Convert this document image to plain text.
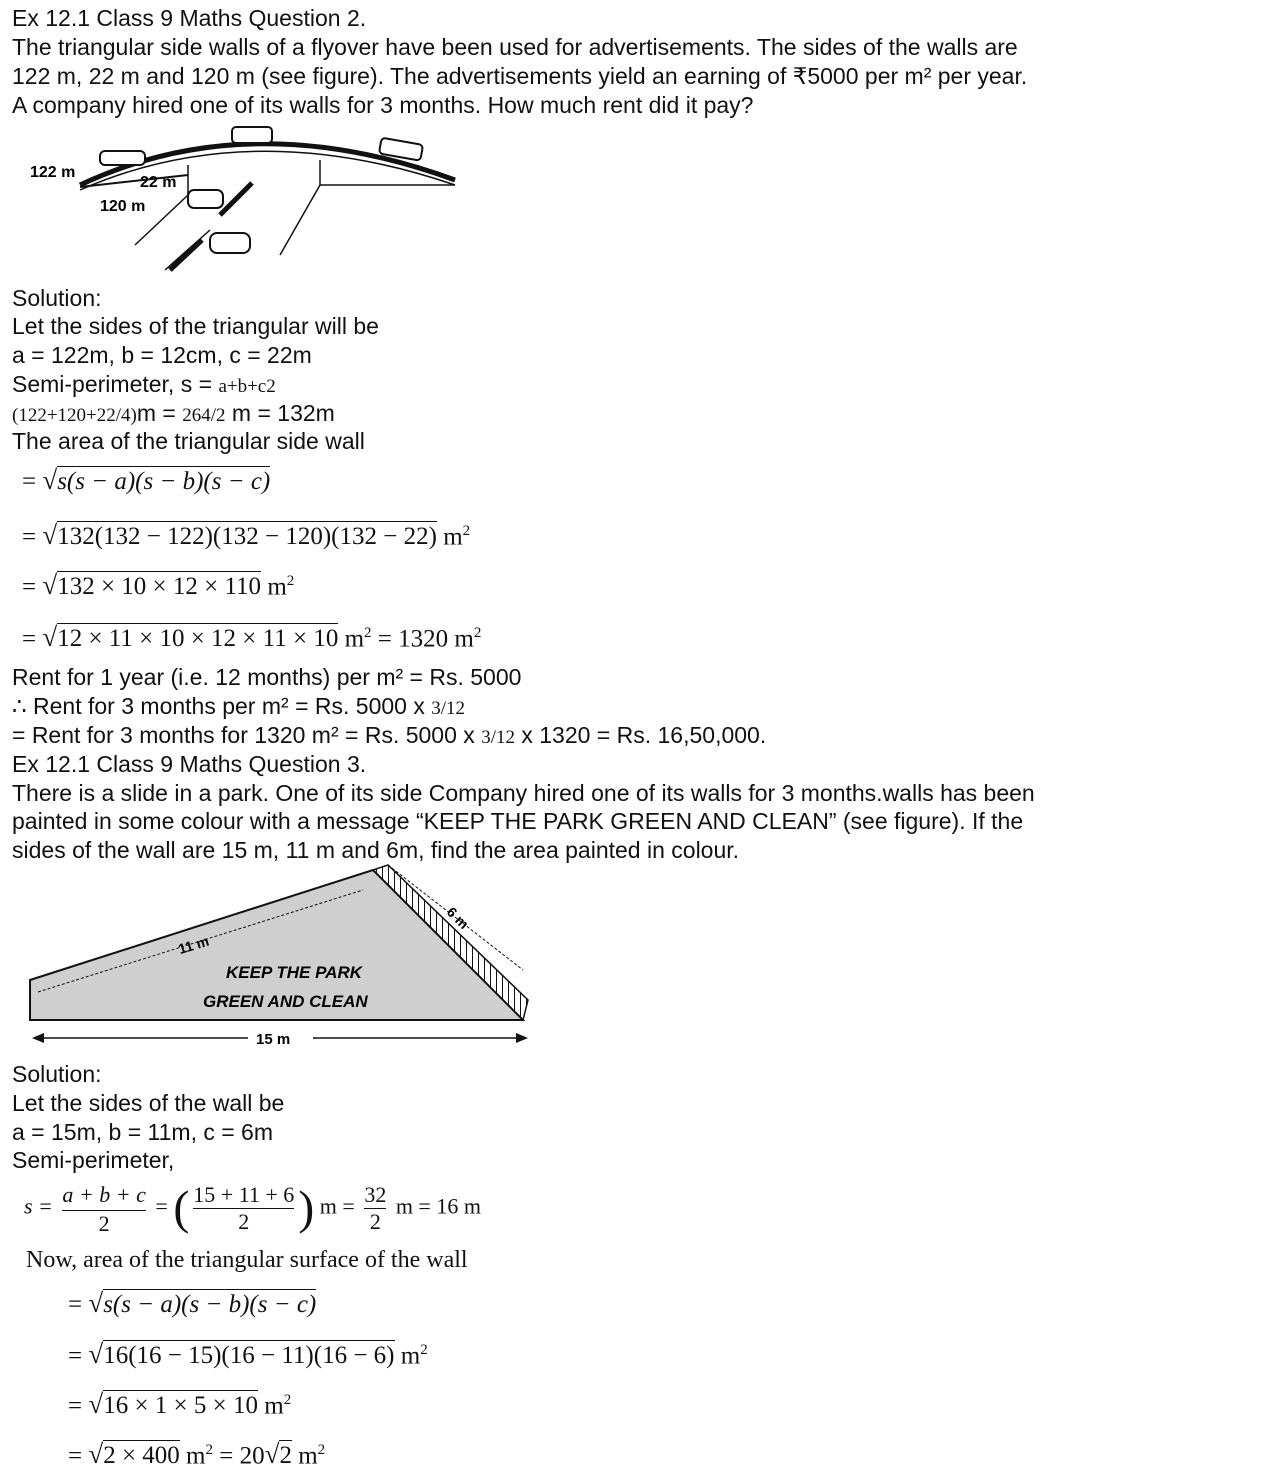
Ex 12.1 Class 9 Maths Question 2.
The triangular side walls of a flyover have been used for advertisements. The sides of the walls are
122 m, 22 m and 120 m (see figure). The advertisements yield an earning of ₹5000 per m² per year.
A company hired one of its walls for 3 months. How much rent did it pay?
122 m
22 m
120 m
Solution:
Let the sides of the triangular will be
a = 122m, b = 12cm, c = 22m
Semi-perimeter, s = a+b+c2
(122+120+22/4)m = 264/2 m = 132m
The area of the triangular side wall
= √s(s − a)(s − b)(s − c)
= √132(132 − 122)(132 − 120)(132 − 22) $m^2$
= √132 × 10 × 12 × 110 $m^2$
= √12 × 11 × 10 × 12 × 11 × 10 $m^2 = 1320$ $m^2$
Rent for 1 year (i.e. 12 months) per m² = Rs. 5000
∴ Rent for 3 months per m² = Rs. 5000 x 3/12
= Rent for 3 months for 1320 m² = Rs. 5000 x 3/12 x 1320 = Rs. 16,50,000.
Ex 12.1 Class 9 Maths Question 3.
There is a slide in a park. One of its side Company hired one of its walls for 3 months.walls has been
painted in some colour with a message “KEEP THE PARK GREEN AND CLEAN” (see figure). If the
sides of the wall are 15 m, 11 m and 6m, find the area painted in colour.
11 m
6 m
15 m
KEEP THE PARK
GREEN AND CLEAN
Solution:
Let the sides of the wall be
a = 15m, b = 11m, c = 6m
Semi-perimeter,
$s = \frac{a + b + c}{2}$ = ( $\frac{15 + 11 + 6}{2}$ ) $m = \frac{32}{2}$ m = 16 m
Now, area of the triangular surface of the wall
= √s(s − a)(s − b)(s − c)
= √16(16 − 15)(16 − 11)(16 − 6) $m^2$
= √16 × 1 × 5 × 10 $m^2$
= √2 × 400 $m^2 = 20√2$ $m^2$
